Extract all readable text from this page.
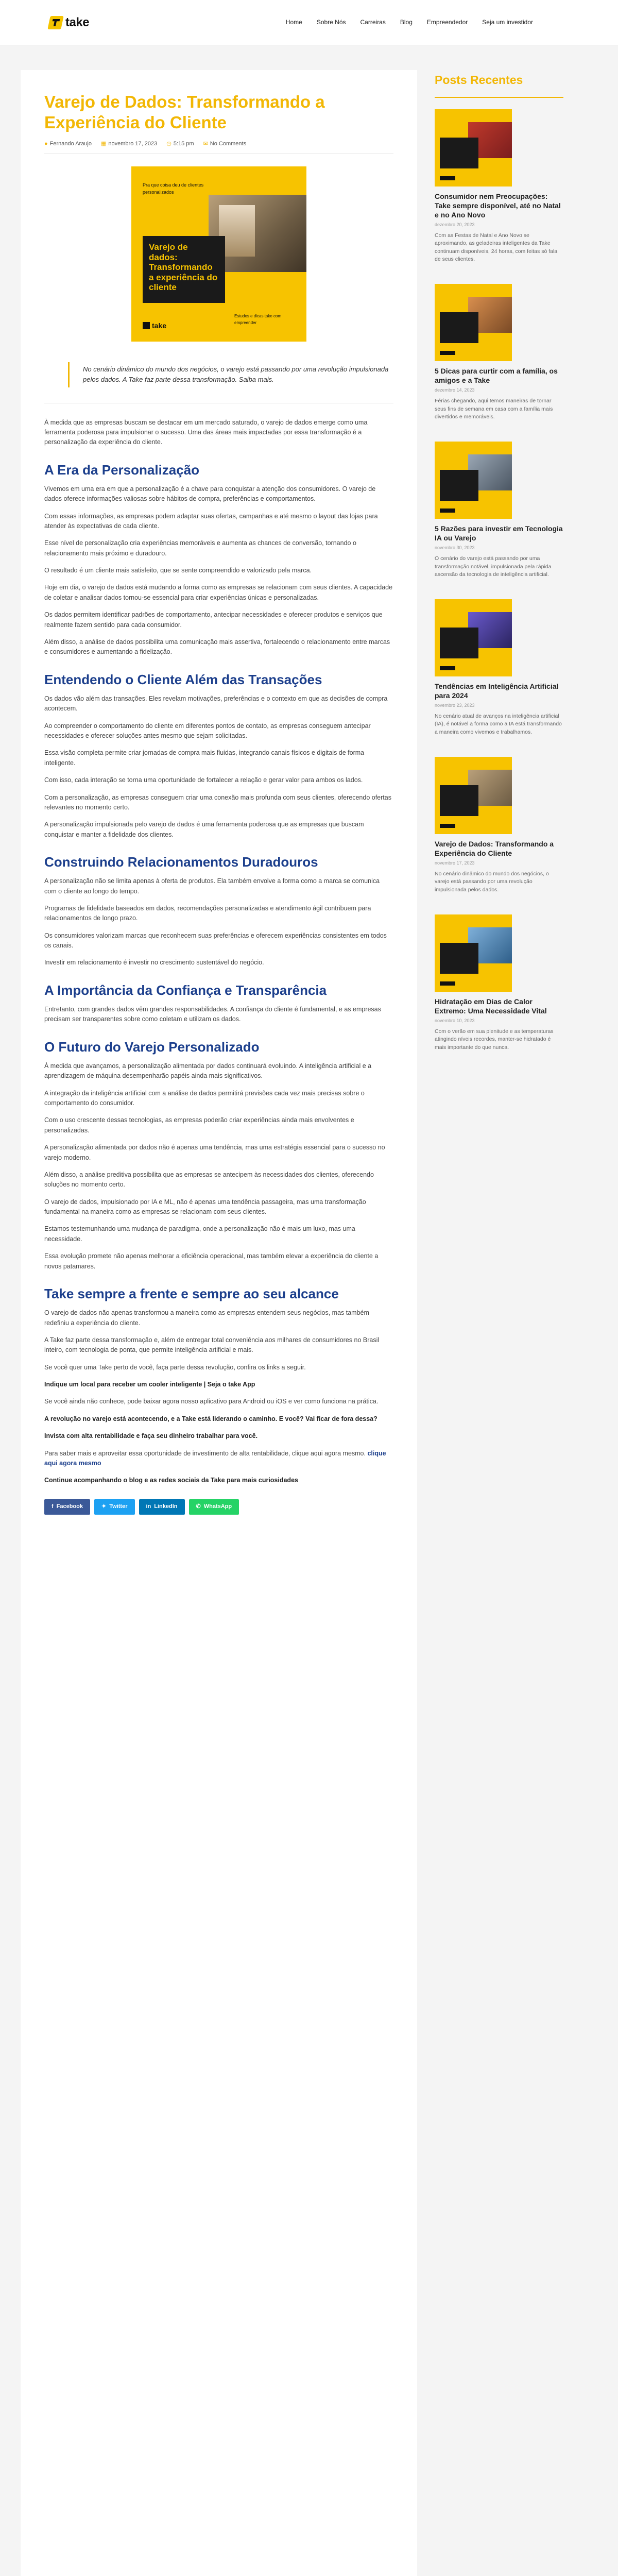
take	Home Sobre Nós Carreiras Blog Empreendedor Seja um investidor
Varejo de Dados: Transformando a Experiência do Cliente
● Fernando Araujo ▦ novembro 17, 2023 ◷ 5:15 pm ✉ No Comments
Pra que coisa deu de clientes personalizados
Varejo de dados: Transformando a experiência do cliente
take
Estudos e dicas take com empreender
No cenário dinâmico do mundo dos negócios, o varejo está passando por uma revolução impulsionada pelos dados. A Take faz parte dessa transformação. Saiba mais.

À medida que as empresas buscam se destacar em um mercado saturado, o varejo de dados emerge como uma ferramenta poderosa para impulsionar o sucesso. Uma das áreas mais impactadas por essa transformação é a personalização da experiência do cliente.

A Era da Personalização

Vivemos em uma era em que a personalização é a chave para conquistar a atenção dos consumidores. O varejo de dados oferece informações valiosas sobre hábitos de compra, preferências e comportamentos.

Com essas informações, as empresas podem adaptar suas ofertas, campanhas e até mesmo o layout das lojas para atender às expectativas de cada cliente.

Esse nível de personalização cria experiências memoráveis e aumenta as chances de conversão, tornando o relacionamento mais próximo e duradouro.

O resultado é um cliente mais satisfeito, que se sente compreendido e valorizado pela marca.

Hoje em dia, o varejo de dados está mudando a forma como as empresas se relacionam com seus clientes. A capacidade de coletar e analisar dados tornou-se essencial para criar experiências únicas e personalizadas.

Os dados permitem identificar padrões de comportamento, antecipar necessidades e oferecer produtos e serviços que realmente fazem sentido para cada consumidor.

Além disso, a análise de dados possibilita uma comunicação mais assertiva, fortalecendo o relacionamento entre marcas e consumidores e aumentando a fidelização.

Entendendo o Cliente Além das Transações

Os dados vão além das transações. Eles revelam motivações, preferências e o contexto em que as decisões de compra acontecem.

Ao compreender o comportamento do cliente em diferentes pontos de contato, as empresas conseguem antecipar necessidades e oferecer soluções antes mesmo que sejam solicitadas.

Essa visão completa permite criar jornadas de compra mais fluidas, integrando canais físicos e digitais de forma inteligente.

Com isso, cada interação se torna uma oportunidade de fortalecer a relação e gerar valor para ambos os lados.

Com a personalização, as empresas conseguem criar uma conexão mais profunda com seus clientes, oferecendo ofertas relevantes no momento certo.

A personalização impulsionada pelo varejo de dados é uma ferramenta poderosa que as empresas que buscam conquistar e manter a fidelidade dos clientes.

Construindo Relacionamentos Duradouros

A personalização não se limita apenas à oferta de produtos. Ela também envolve a forma como a marca se comunica com o cliente ao longo do tempo.

Programas de fidelidade baseados em dados, recomendações personalizadas e atendimento ágil contribuem para relacionamentos de longo prazo.

Os consumidores valorizam marcas que reconhecem suas preferências e oferecem experiências consistentes em todos os canais.

Investir em relacionamento é investir no crescimento sustentável do negócio.

A Importância da Confiança e Transparência

Entretanto, com grandes dados vêm grandes responsabilidades. A confiança do cliente é fundamental, e as empresas precisam ser transparentes sobre como coletam e utilizam os dados.

O Futuro do Varejo Personalizado

À medida que avançamos, a personalização alimentada por dados continuará evoluindo. A inteligência artificial e a aprendizagem de máquina desempenharão papéis ainda mais significativos.

A integração da inteligência artificial com a análise de dados permitirá previsões cada vez mais precisas sobre o comportamento do consumidor.

Com o uso crescente dessas tecnologias, as empresas poderão criar experiências ainda mais envolventes e personalizadas.

A personalização alimentada por dados não é apenas uma tendência, mas uma estratégia essencial para o sucesso no varejo moderno.

Além disso, a análise preditiva possibilita que as empresas se antecipem às necessidades dos clientes, oferecendo soluções no momento certo.

O varejo de dados, impulsionado por IA e ML, não é apenas uma tendência passageira, mas uma transformação fundamental na maneira como as empresas se relacionam com seus clientes.

Estamos testemunhando uma mudança de paradigma, onde a personalização não é mais um luxo, mas uma necessidade.

Essa evolução promete não apenas melhorar a eficiência operacional, mas também elevar a experiência do cliente a novos patamares.

Take sempre a frente e sempre ao seu alcance

O varejo de dados não apenas transformou a maneira como as empresas entendem seus negócios, mas também redefiniu a experiência do cliente.

A Take faz parte dessa transformação e, além de entregar total conveniência aos milhares de consumidores no Brasil inteiro, com tecnologia de ponta, que permite inteligência artificial e mais.

Se você quer uma Take perto de você, faça parte dessa revolução, confira os links a seguir.

Indique um local para receber um cooler inteligente | Seja o take App

Se você ainda não conhece, pode baixar agora nosso aplicativo para Android ou iOS e ver como funciona na prática.

A revolução no varejo está acontecendo, e a Take está liderando o caminho. E você? Vai ficar de fora dessa?

Invista com alta rentabilidade e faça seu dinheiro trabalhar para você.

Para saber mais e aproveitar essa oportunidade de investimento de alta rentabilidade, clique aqui agora mesmo. clique aqui agora mesmo

Continue acompanhando o blog e as redes sociais da Take para mais curiosidades

f Facebook	✦ Twitter	in LinkedIn	✆ WhatsApp
Posts Recentes
Consumidor nem Preocupações: Take sempre disponível, até no Natal e no Ano Novo
dezembro 20, 2023
Com as Festas de Natal e Ano Novo se aproximando, as geladeiras inteligentes da Take continuam disponíveis, 24 horas, com feitas só fala de seus clientes.
5 Dicas para curtir com a família, os amigos e a Take
dezembro 14, 2023
Férias chegando, aqui temos maneiras de tornar seus fins de semana em casa com a família mais divertidos e memoráveis.
5 Razões para investir em Tecnologia IA ou Varejo
novembro 30, 2023
O cenário do varejo está passando por uma transformação notável, impulsionada pela rápida ascensão da tecnologia de inteligência artificial.
Tendências em Inteligência Artificial para 2024
novembro 23, 2023
No cenário atual de avanços na inteligência artificial (IA), é notável a forma como a IA está transformando a maneira como vivemos e trabalhamos.
Varejo de Dados: Transformando a Experiência do Cliente
novembro 17, 2023
No cenário dinâmico do mundo dos negócios, o varejo está passando por uma revolução impulsionada pelos dados.
Hidratação em Dias de Calor Extremo: Uma Necessidade Vital
novembro 10, 2023
Com o verão em sua plenitude e as temperaturas atingindo níveis recordes, manter-se hidratado é mais importante do que nunca.
